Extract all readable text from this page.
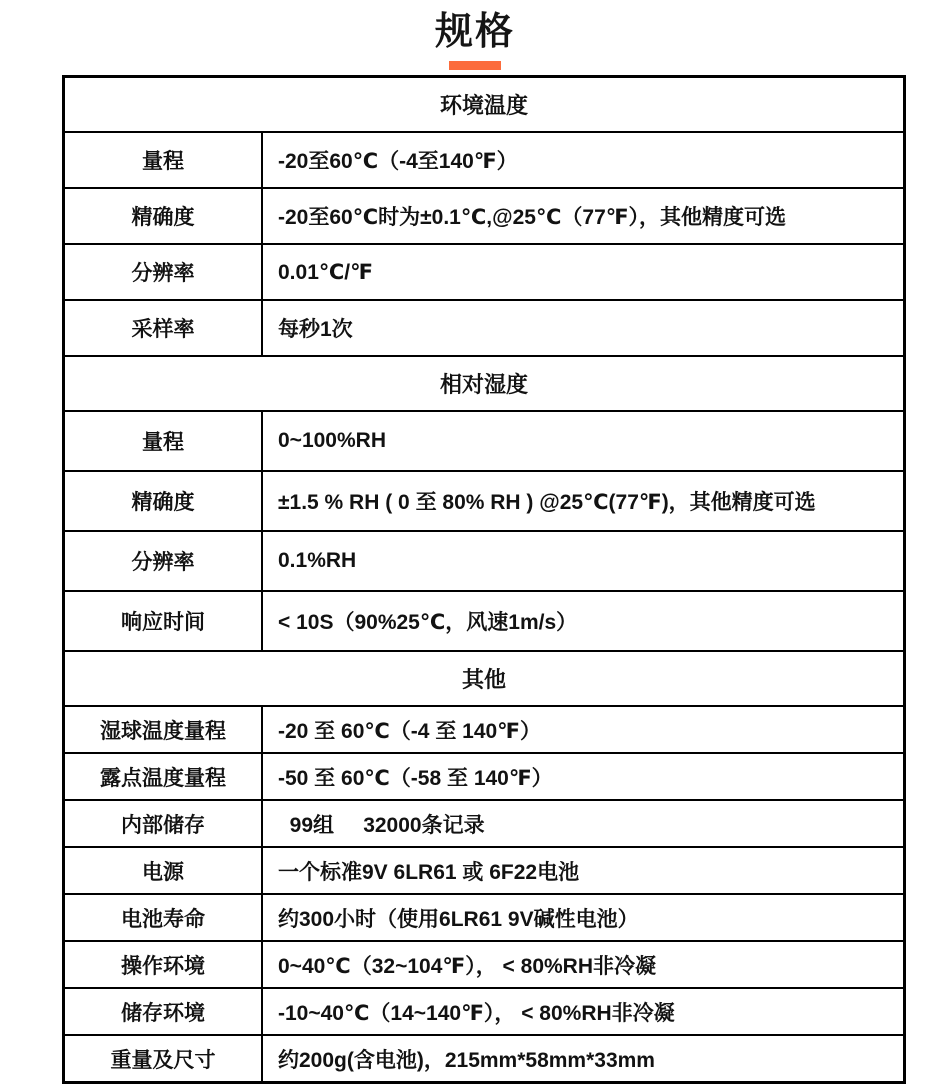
规格
环境温度
量程	-20至60℃（-4至140℉）
精确度	-20至60℃时为±0.1℃,@25℃（77℉），其他精度可选
分辨率	0.01℃/℉
采样率	每秒1次
相对湿度
量程	0~100%RH
精确度	±1.5 % RH ( 0 至 80% RH ) @25℃(77℉)，其他精度可选
分辨率	0.1%RH
响应时间	< 10S（90%25℃，风速1m/s）
其他
湿球温度量程	-20 至 60℃（-4 至 140℉）
露点温度量程	-50 至 60℃（-58 至 140℉）
内部储存	99组     32000条记录
电源	一个标准9V 6LR61 或 6F22电池
电池寿命	约300小时（使用6LR61 9V碱性电池）
操作环境	0~40℃（32~104℉）， < 80%RH非冷凝
储存环境	-10~40℃（14~140℉）， < 80%RH非冷凝
重量及尺寸	约200g(含电池)，215mm*58mm*33mm
